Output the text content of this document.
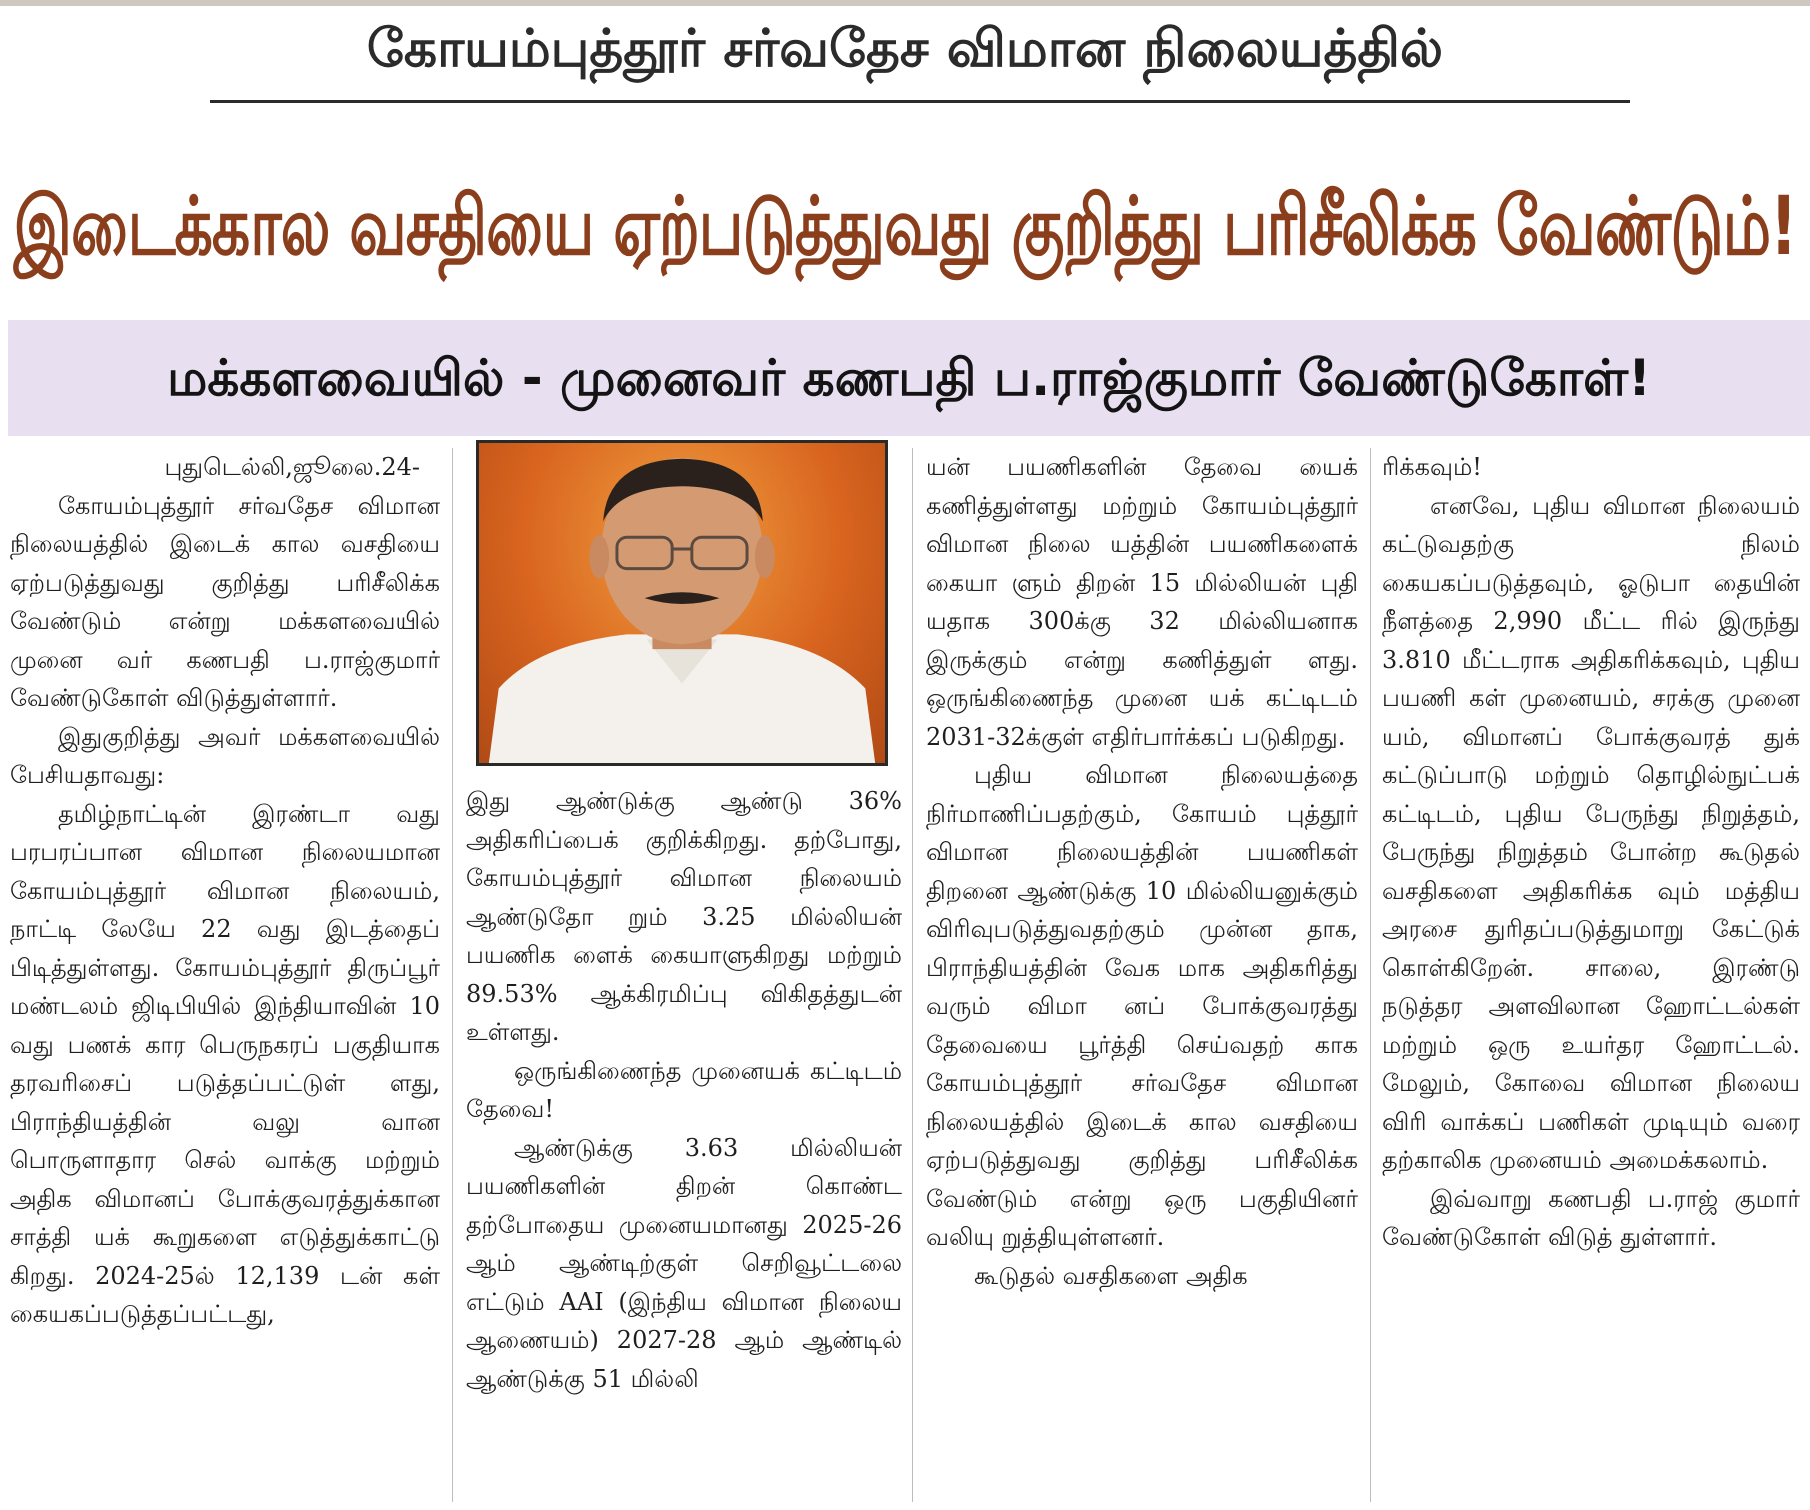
கோயம்புத்தூர் சர்வதேச விமான நிலையத்தில்
இடைக்கால வசதியை ஏற்படுத்துவது குறித்து பரிசீலிக்க வேண்டும்!
மக்களவையில் - முனைவர் கணபதி ப.ராஜ்குமார் வேண்டுகோள்!

புதுடெல்லி,ஜூலை.24-

கோயம்புத்தூர் சர்வதேச விமான நிலையத்தில் இடைக் கால வசதியை ஏற்படுத்துவது குறித்து பரிசீலிக்க வேண்டும் என்று மக்களவையில் முனை வர் கணபதி ப.ராஜ்குமார் வேண்டுகோள் விடுத்துள்ளார்.

இதுகுறித்து அவர் மக்களவையில் பேசியதாவது:

தமிழ்நாட்டின் இரண்டா வது பரபரப்பான விமான நிலையமான கோயம்புத்தூர் விமான நிலையம், நாட்டி லேயே 22 வது இடத்தைப் பிடித்துள்ளது. கோயம்புத்தூர் திருப்பூர் மண்டலம் ஜிடிபியில் இந்தியாவின் 10 வது பணக் கார பெருநகரப் பகுதியாக தரவரிசைப் படுத்தப்பட்டுள் ளது, பிராந்தியத்தின் வலு வான பொருளாதார செல் வாக்கு மற்றும் அதிக விமானப் போக்குவரத்துக்கான சாத்தி யக் கூறுகளை எடுத்துக்காட்டு கிறது. 2024-25ல் 12,139 டன் கள் கையகப்படுத்தப்பட்டது,

இது ஆண்டுக்கு ஆண்டு 36% அதிகரிப்பைக் குறிக்கிறது. தற்போது, கோயம்புத்தூர் விமான நிலையம் ஆண்டுதோ றும் 3.25 மில்லியன் பயணிக ளைக் கையாளுகிறது மற்றும் 89.53% ஆக்கிரமிப்பு விகிதத்துடன் உள்ளது.

ஒருங்கிணைந்த முனையக் கட்டிடம் தேவை!

ஆண்டுக்கு 3.63 மில்லியன் பயணிகளின் திறன் கொண்ட தற்போதைய முனையமானது 2025-26 ஆம் ஆண்டிற்குள் செறிவூட்டலை எட்டும் AAI (இந்திய விமான நிலைய ஆணையம்) 2027-28 ஆம் ஆண்டில் ஆண்டுக்கு 51 மில்லி

யன் பயணிகளின் தேவை யைக் கணித்துள்ளது மற்றும் கோயம்புத்தூர் விமான நிலை யத்தின் பயணிகளைக் கையா ளும் திறன் 15 மில்லியன் புதி யதாக 300க்கு 32 மில்லியனாக இருக்கும் என்று கணித்துள் ளது. ஒருங்கிணைந்த முனை யக் கட்டிடம் 2031-32க்குள் எதிர்பார்க்கப் படுகிறது.

புதிய விமான நிலையத்தை நிர்மாணிப்பதற்கும், கோயம் புத்தூர் விமான நிலையத்தின் பயணிகள் திறனை ஆண்டுக்கு 10 மில்லியனுக்கும் விரிவுபடுத்துவதற்கும் முன்ன தாக, பிராந்தியத்தின் வேக மாக அதிகரித்து வரும் விமா னப் போக்குவரத்து தேவையை பூர்த்தி செய்வதற் காக கோயம்புத்தூர் சர்வதேச விமான நிலையத்தில் இடைக் கால வசதியை ஏற்படுத்துவது குறித்து பரிசீலிக்க வேண்டும் என்று ஒரு பகுதியினர் வலியு றுத்தியுள்ளனர்.

கூடுதல் வசதிகளை அதிக

ரிக்கவும்!

எனவே, புதிய விமான நிலையம் கட்டுவதற்கு நிலம் கையகப்படுத்தவும், ஓடுபா தையின் நீளத்தை 2,990 மீட்ட ரில் இருந்து 3.810 மீட்டராக அதிகரிக்கவும், புதிய பயணி கள் முனையம், சரக்கு முனை யம், விமானப் போக்குவரத் துக் கட்டுப்பாடு மற்றும் தொழில்நுட்பக் கட்டிடம், புதிய பேருந்து நிறுத்தம், பேருந்து நிறுத்தம் போன்ற கூடுதல் வசதிகளை அதிகரிக்க வும் மத்திய அரசை துரிதப்படுத்துமாறு கேட்டுக் கொள்கிறேன். சாலை, இரண்டு நடுத்தர அளவிலான ஹோட்டல்கள் மற்றும் ஒரு உயர்தர ஹோட்டல். மேலும், கோவை விமான நிலைய விரி வாக்கப் பணிகள் முடியும் வரை தற்காலிக முனையம் அமைக்கலாம்.

இவ்வாறு கணபதி ப.ராஜ் குமார் வேண்டுகோள் விடுத் துள்ளார்.
